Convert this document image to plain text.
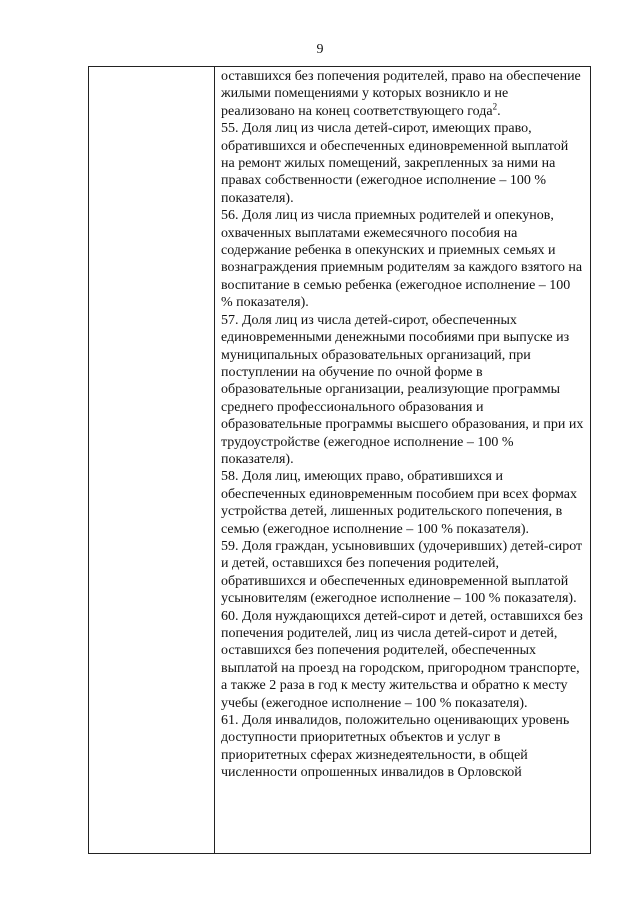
9

оставшихся без попечения родителей, право на обеспечение жилыми помещениями у которых возникло и не реализовано на конец соответствующего года$^2$.

55. Доля лиц из числа детей-сирот, имеющих право, обратившихся и обеспеченных единовременной выплатой на ремонт жилых помещений, закрепленных за ними на правах собственности (ежегодное исполнение – 100 % показателя).

56. Доля лиц из числа приемных родителей и опекунов, охваченных выплатами ежемесячного пособия на содержание ребенка в опекунских и приемных семьях и вознаграждения приемным родителям за каждого взятого на воспитание в семью ребенка (ежегодное исполнение – 100 % показателя).

57. Доля лиц из числа детей-сирот, обеспеченных единовременными денежными пособиями при выпуске из муниципальных образовательных организаций, при поступлении на обучение по очной форме в образовательные организации, реализующие программы среднего профессионального образования и образовательные программы высшего образования, и при их трудоустройстве (ежегодное исполнение – 100 % показателя).

58. Доля лиц, имеющих право, обратившихся и обеспеченных единовременным пособием при всех формах устройства детей, лишенных родительского попечения, в семью (ежегодное исполнение – 100 % показателя).

59. Доля граждан, усыновивших (удочеривших) детей-сирот и детей, оставшихся без попечения родителей, обратившихся и обеспеченных единовременной выплатой усыновителям (ежегодное исполнение – 100 % показателя).

60. Доля нуждающихся детей-сирот и детей, оставшихся без попечения родителей, лиц из числа детей-сирот и детей, оставшихся без попечения родителей, обеспеченных выплатой на проезд на городском, пригородном транспорте, а также 2 раза в год к месту жительства и обратно к месту учебы (ежегодное исполнение – 100 % показателя).

61. Доля инвалидов, положительно оценивающих уровень доступности приоритетных объектов и услуг в приоритетных сферах жизнедеятельности, в общей численности опрошенных инвалидов в Орловской
